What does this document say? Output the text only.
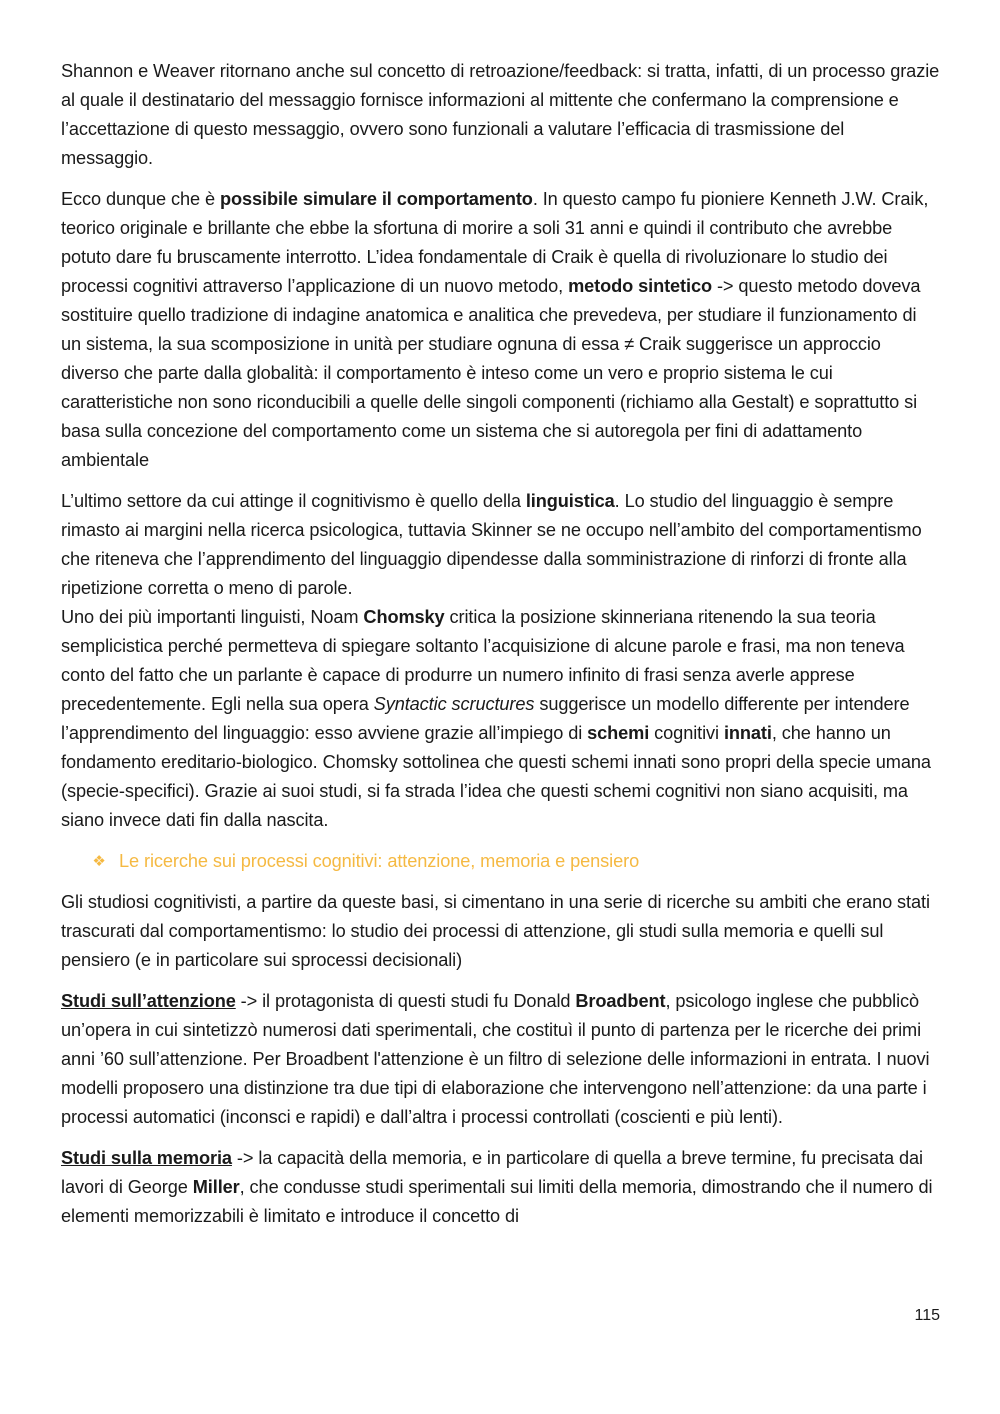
Shannon e Weaver ritornano anche sul concetto di retroazione/feedback: si tratta, infatti, di un processo grazie al quale il destinatario del messaggio fornisce informazioni al mittente che confermano la comprensione e l’accettazione di questo messaggio, ovvero sono funzionali a valutare l’efficacia di trasmissione del messaggio.

Ecco dunque che è possibile simulare il comportamento. In questo campo fu pioniere Kenneth J.W. Craik, teorico originale e brillante che ebbe la sfortuna di morire a soli 31 anni e quindi il contributo che avrebbe potuto dare fu bruscamente interrotto. L’idea fondamentale di Craik è quella di rivoluzionare lo studio dei processi cognitivi attraverso l’applicazione di un nuovo metodo, metodo sintetico -> questo metodo doveva sostituire quello tradizione di indagine anatomica e analitica che prevedeva, per studiare il funzionamento di un sistema, la sua scomposizione in unità per studiare ognuna di essa ≠ Craik suggerisce un approccio diverso che parte dalla globalità: il comportamento è inteso come un vero e proprio sistema le cui caratteristiche non sono riconducibili a quelle delle singoli componenti (richiamo alla Gestalt) e soprattutto si basa sulla concezione del comportamento come un sistema che si autoregola per fini di adattamento ambientale

L’ultimo settore da cui attinge il cognitivismo è quello della linguistica. Lo studio del linguaggio è sempre rimasto ai margini nella ricerca psicologica, tuttavia Skinner se ne occupo nell’ambito del comportamentismo che riteneva che l’apprendimento del linguaggio dipendesse dalla somministrazione di rinforzi di fronte alla ripetizione corretta o meno di parole.
Uno dei più importanti linguisti, Noam Chomsky critica la posizione skinneriana ritenendo la sua teoria semplicistica perché permetteva di spiegare soltanto l’acquisizione di alcune parole e frasi, ma non teneva conto del fatto che un parlante è capace di produrre un numero infinito di frasi senza averle apprese precedentemente. Egli nella sua opera Syntactic scructures suggerisce un modello differente per intendere l’apprendimento del linguaggio: esso avviene grazie all’impiego di schemi cognitivi innati, che hanno un fondamento ereditario-biologico. Chomsky sottolinea che questi schemi innati sono propri della specie umana (specie-specifici). Grazie ai suoi studi, si fa strada l’idea che questi schemi cognitivi non siano acquisiti, ma siano invece dati fin dalla nascita.

❖ Le ricerche sui processi cognitivi: attenzione, memoria e pensiero

Gli studiosi cognitivisti, a partire da queste basi, si cimentano in una serie di ricerche su ambiti che erano stati trascurati dal comportamentismo: lo studio dei processi di attenzione, gli studi sulla memoria e quelli sul pensiero (e in particolare sui sprocessi decisionali)

Studi sull’attenzione -> il protagonista di questi studi fu Donald Broadbent, psicologo inglese che pubblicò un’opera in cui sintetizzò numerosi dati sperimentali, che costituì il punto di partenza per le ricerche dei primi anni ’60 sull’attenzione. Per Broadbent l'attenzione è un filtro di selezione delle informazioni in entrata. I nuovi modelli proposero una distinzione tra due tipi di elaborazione che intervengono nell’attenzione: da una parte i processi automatici (inconsci e rapidi) e dall’altra i processi controllati (coscienti e più lenti).

Studi sulla memoria -> la capacità della memoria, e in particolare di quella a breve termine, fu precisata dai lavori di George Miller, che condusse studi sperimentali sui limiti della memoria, dimostrando che il numero di elementi memorizzabili è limitato e introduce il concetto di

115
